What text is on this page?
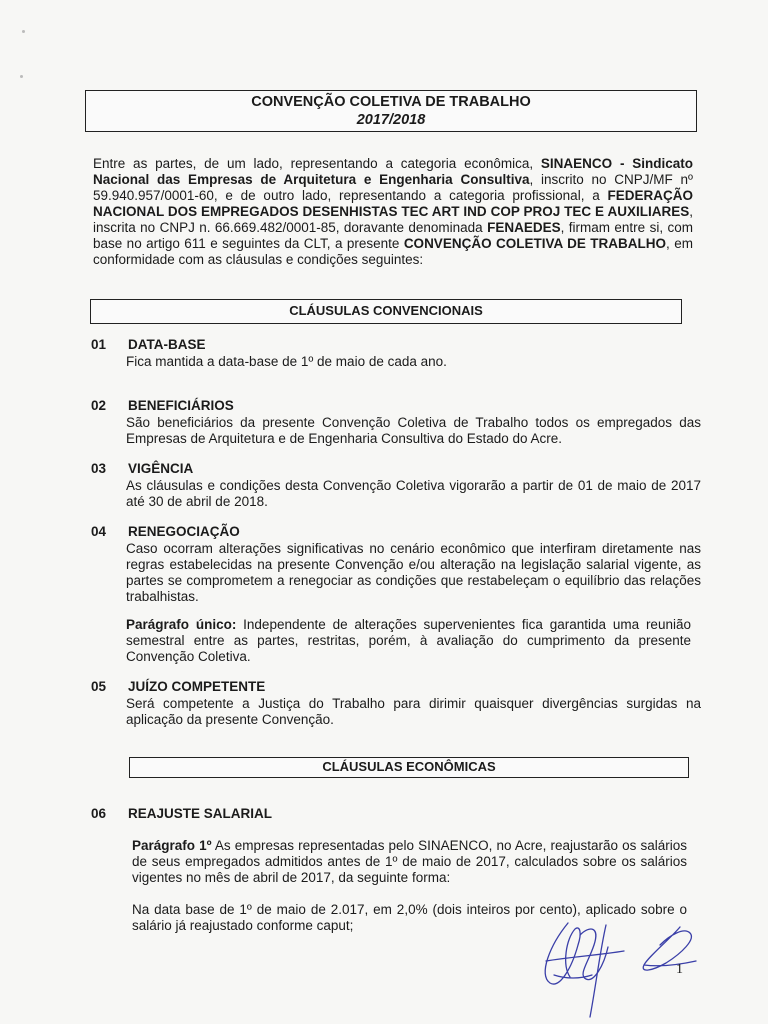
CONVENÇÃO COLETIVA DE TRABALHO
2017/2018
Entre as partes, de um lado, representando a categoria econômica, SINAENCO - Sindicato Nacional das Empresas de Arquitetura e Engenharia Consultiva, inscrito no CNPJ/MF nº 59.940.957/0001-60, e de outro lado, representando a categoria profissional, a FEDERAÇÃO NACIONAL DOS EMPREGADOS DESENHISTAS TEC ART IND COP PROJ TEC E AUXILIARES, inscrita no CNPJ n. 66.669.482/0001-85, doravante denominada FENAEDES, firmam entre si, com base no artigo 611 e seguintes da CLT, a presente CONVENÇÃO COLETIVA DE TRABALHO, em conformidade com as cláusulas e condições seguintes:
CLÁUSULAS CONVENCIONAIS
01 DATA-BASE
Fica mantida a data-base de 1º de maio de cada ano.
02 BENEFICIÁRIOS
São beneficiários da presente Convenção Coletiva de Trabalho todos os empregados das Empresas de Arquitetura e de Engenharia Consultiva do Estado do Acre.
03 VIGÊNCIA
As cláusulas e condições desta Convenção Coletiva vigorarão a partir de 01 de maio de 2017 até 30 de abril de 2018.
04 RENEGOCIAÇÃO
Caso ocorram alterações significativas no cenário econômico que interfiram diretamente nas regras estabelecidas na presente Convenção e/ou alteração na legislação salarial vigente, as partes se comprometem a renegociar as condições que restabeleçam o equilíbrio das relações trabalhistas.
Parágrafo único: Independente de alterações supervenientes fica garantida uma reunião semestral entre as partes, restritas, porém, à avaliação do cumprimento da presente Convenção Coletiva.
05 JUÍZO COMPETENTE
Será competente a Justiça do Trabalho para dirimir quaisquer divergências surgidas na aplicação da presente Convenção.
CLÁUSULAS ECONÔMICAS
06 REAJUSTE SALARIAL
Parágrafo 1º As empresas representadas pelo SINAENCO, no Acre, reajustarão os salários de seus empregados admitidos antes de 1º de maio de 2017, calculados sobre os salários vigentes no mês de abril de 2017, da seguinte forma:
Na data base de 1º de maio de 2.017, em 2,0% (dois inteiros por cento), aplicado sobre o salário já reajustado conforme caput;
1
